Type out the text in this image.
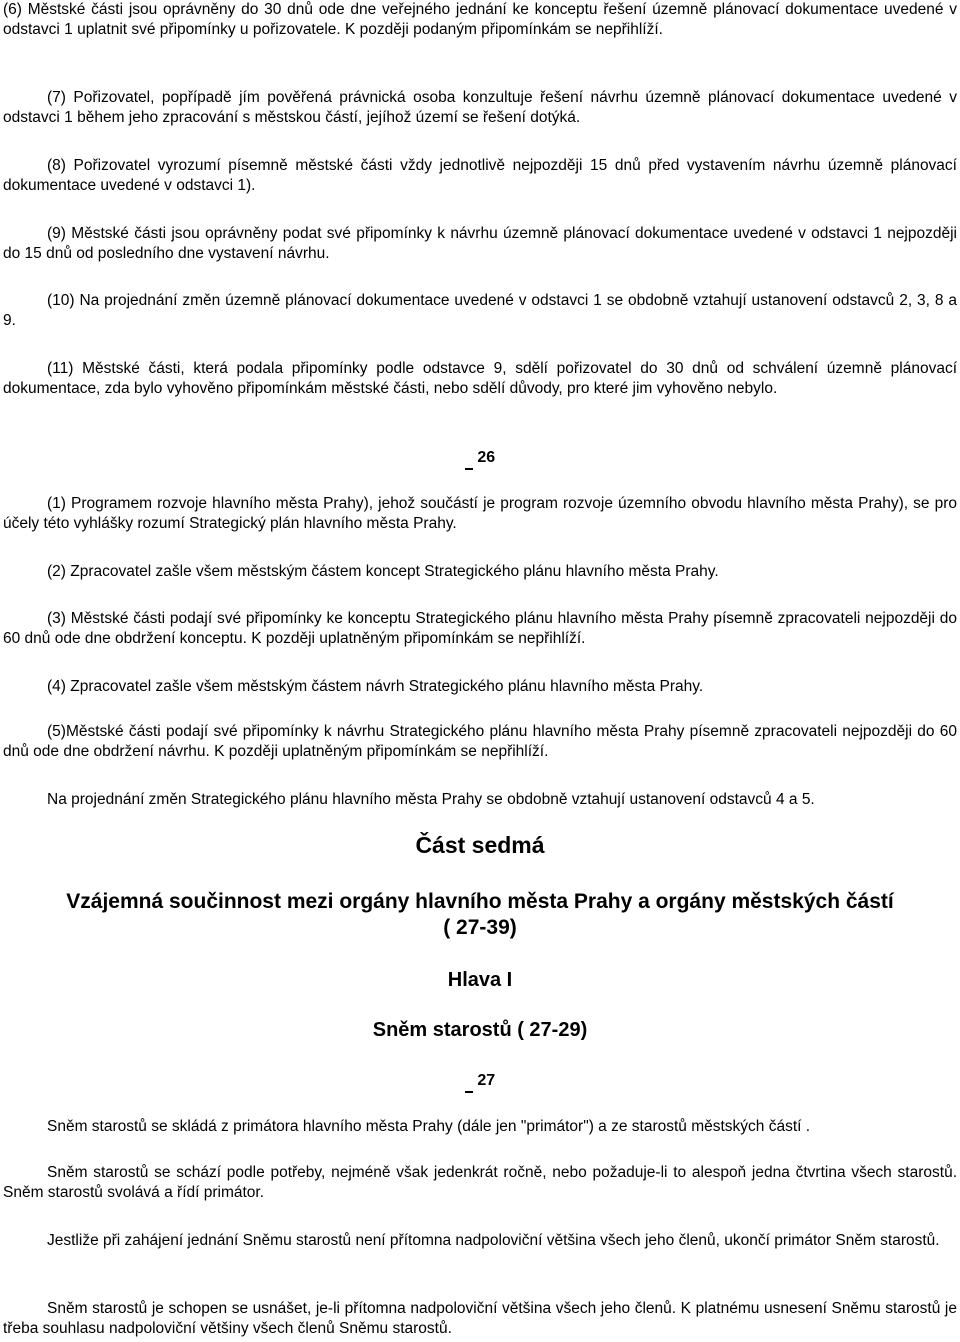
(6) Městské části jsou oprávněny do 30 dnů ode dne veřejného jednání ke konceptu řešení územně plánovací dokumentace uvedené v odstavci 1 uplatnit své připomínky u pořizovatele. K později podaným připomínkám se nepřihlíží.

(7) Pořizovatel, popřípadě jím pověřená právnická osoba konzultuje řešení návrhu územně plánovací dokumentace uvedené v odstavci 1 během jeho zpracování s městskou částí, jejíhož území se řešení dotýká.

(8) Pořizovatel vyrozumí písemně městské části vždy jednotlivě nejpozději 15 dnů před vystavením návrhu územně plánovací dokumentace uvedené v odstavci 1).

(9) Městské části jsou oprávněny podat své připomínky k návrhu územně plánovací dokumentace uvedené v odstavci 1 nejpozději do 15 dnů od posledního dne vystavení návrhu.

(10) Na projednání změn územně plánovací dokumentace uvedené v odstavci 1 se obdobně vztahují ustanovení odstavců 2, 3, 8 a 9.

(11) Městské části, která podala připomínky podle odstavce 9, sdělí pořizovatel do 30 dnů od schválení územně plánovací dokumentace, zda bylo vyhověno připomínkám městské části, nebo sdělí důvody, pro které jim vyhověno nebylo.

26

(1) Programem rozvoje hlavního města Prahy), jehož součástí je program rozvoje územního obvodu hlavního města Prahy), se pro účely této vyhlášky rozumí Strategický plán hlavního města Prahy.

(2) Zpracovatel zašle všem městským částem koncept Strategického plánu hlavního města Prahy.

(3) Městské části podají své připomínky ke konceptu Strategického plánu hlavního města Prahy písemně zpracovateli nejpozději do 60 dnů ode dne obdržení konceptu. K později uplatněným připomínkám se nepřihlíží.

(4) Zpracovatel zašle všem městským částem návrh Strategického plánu hlavního města Prahy.

(5)Městské části podají své připomínky k návrhu Strategického plánu hlavního města Prahy písemně zpracovateli nejpozději do 60 dnů ode dne obdržení návrhu. K později uplatněným připomínkám se nepřihlíží.

Na projednání změn Strategického plánu hlavního města Prahy se obdobně vztahují ustanovení odstavců 4 a 5.

Část sedmá
Vzájemná součinnost mezi orgány hlavního města Prahy a orgány městských částí
( 27-39)
Hlava I
Sněm starostů ( 27-29)
27

Sněm starostů se skládá z primátora hlavního města Prahy (dále jen "primátor") a ze starostů městských částí .

Sněm starostů se schází podle potřeby, nejméně však jedenkrát ročně, nebo požaduje-li to alespoň jedna čtvrtina všech starostů. Sněm starostů svolává a řídí primátor.

Jestliže při zahájení jednání Sněmu starostů není přítomna nadpoloviční většina všech jeho členů, ukončí primátor Sněm starostů.

Sněm starostů je schopen se usnášet, je-li přítomna nadpoloviční většina všech jeho členů. K platnému usnesení Sněmu starostů je třeba souhlasu nadpoloviční většiny všech členů Sněmu starostů.
